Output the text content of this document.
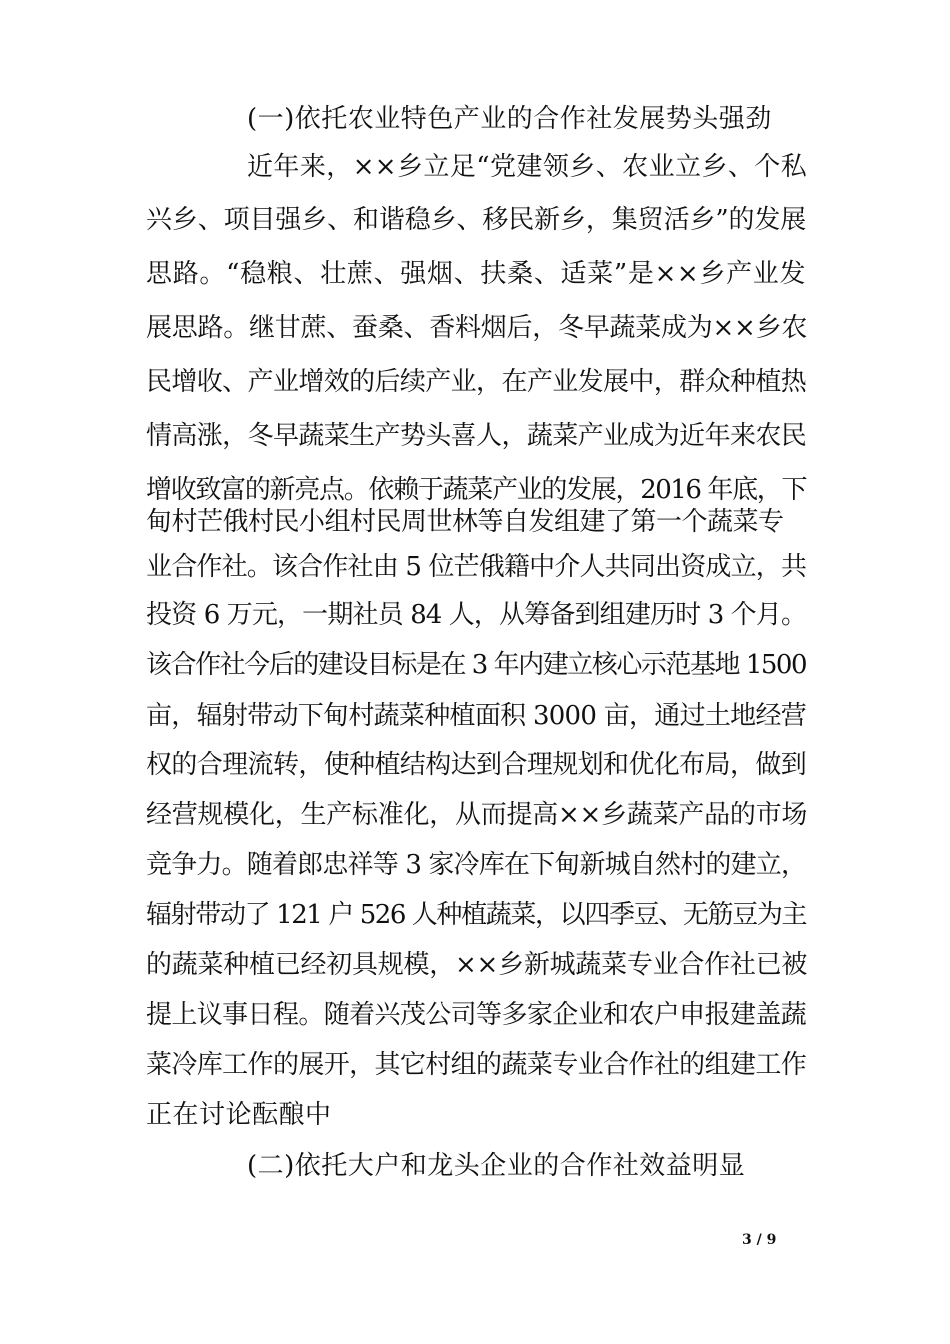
(一)依托农业特色产业的合作社发展势头强劲
近年来，××乡立足“党建领乡、农业立乡、个私
兴乡、项目强乡、和谐稳乡、移民新乡，集贸活乡”的发展
思路。“稳粮、壮蔗、强烟、扶桑、适菜”是××乡产业发
展思路。继甘蔗、蚕桑、香料烟后，冬早蔬菜成为××乡农
民增收、产业增效的后续产业，在产业发展中，群众种植热
情高涨，冬早蔬菜生产势头喜人，蔬菜产业成为近年来农民
增收致富的新亮点。依赖于蔬菜产业的发展，2016 年底，下
甸村芒俄村民小组村民周世林等自发组建了第一个蔬菜专
业合作社。该合作社由 5 位芒俄籍中介人共同出资成立，共
投资 6 万元，一期社员 84 人，从筹备到组建历时 3 个月。
该合作社今后的建设目标是在 3 年内建立核心示范基地 1500
亩，辐射带动下甸村蔬菜种植面积 3000 亩，通过土地经营
权的合理流转，使种植结构达到合理规划和优化布局，做到
经营规模化，生产标准化，从而提高××乡蔬菜产品的市场
竞争力。随着郎忠祥等 3 家冷库在下甸新城自然村的建立，
辐射带动了 121 户 526 人种植蔬菜，以四季豆、无筋豆为主
的蔬菜种植已经初具规模，××乡新城蔬菜专业合作社已被
提上议事日程。随着兴茂公司等多家企业和农户申报建盖蔬
菜冷库工作的展开，其它村组的蔬菜专业合作社的组建工作
正在讨论酝酿中
(二)依托大户和龙头企业的合作社效益明显
3 / 9
